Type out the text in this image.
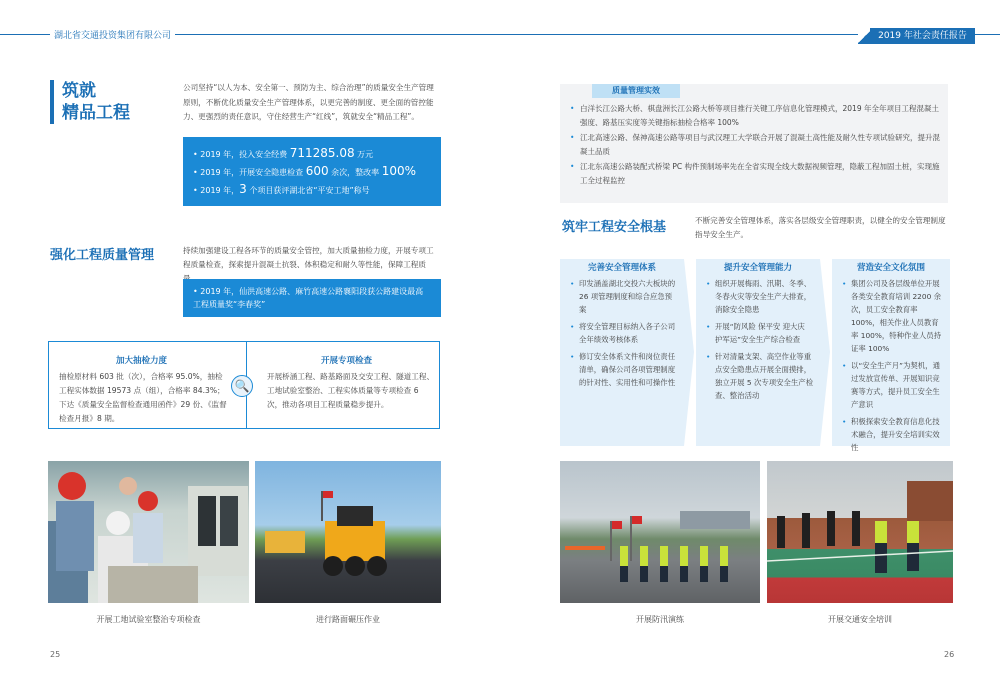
湖北省交通投资集团有限公司	2019 年社会责任报告
筑就
精品工程
公司坚持“以人为本、安全第一、预防为主、综合治理”的质量安全生产管理原则，不断优化质量安全生产管理体系，以更完善的制度、更全面的管控能力、更强烈的责任意识，守住经营生产“红线”，筑就安全“精品工程”。
• 2019 年，投入安全经费 711285.08 万元
• 2019 年，开展安全隐患检查 600 余次，整改率 100%
• 2019 年，3 个项目获评湖北省“平安工地”称号
强化工程质量管理	持续加强建设工程各环节的质量安全管控，加大质量抽检力度，开展专项工程质量检查，探索提升混凝土抗裂、体积稳定和耐久等性能，保障工程质
• 2019 年，仙洪高速公路、麻竹高速公路襄阳段获公路建设最高工程质量奖“李春奖”
加大抽检力度
抽检原材料 603 批（次），合格率 95.0%，抽检工程实体数据 19573 点（组），合格率 84.3%；下达《质量安全监督检查通用函件》29 份、《监督检查月报》8 期。
开展专项检查
开展桥涵工程、路基路面及交安工程、隧道工程、工地试验室整治、工程实体质量等专项检查 6 次，推动各项目工程质量稳步提升。
🔍
开展工地试验室整治专项检查	进行路面碾压作业
25
• 白洋长江公路大桥、棋盘洲长江公路大桥等项目推行关键工序信息化管理模式，2019 年全年项目工程混凝土强度、路基压实度等关键指标抽检合格率 100%
• 江北高速公路、保神高速公路等项目与武汉理工大学联合开展了混凝土高性能及耐久性专项试验研究，提升混凝土品质
• 江北东高速公路装配式桥梁 PC 构件预制场率先在全省实现全线大数据视频管理，隐蔽工程加固土桩，实现施工全过程监控
质量管理实效
筑牢工程安全根基	不断完善安全管理体系，落实各层级安全管理职责，以健全的安全管理制度指导安全生产。
完善安全管理体系
• 印发涵盖湖北交投六大板块的 26 项管理制度和综合应急预案
• 将安全管理目标纳入各子公司全年绩效考核体系
• 修订安全体系文件和岗位责任清单，确保公司各项管理制度的针对性、实用性和可操作性
提升安全管理能力
• 组织开展梅雨、汛期、冬季、冬春火灾等安全生产大排查，消除安全隐患
• 开展“防风险 保平安 迎大庆 护军运”安全生产综合检查
• 针对清量支架、高空作业等重点安全隐患点开展全面摸排，独立开展 5 次专项安全生产检查、整治活动
营造安全文化氛围
• 集团公司及各层级单位开展各类安全教育培训 2200 余次，员工安全教育率 100%，相关作业人员教育率 100%，特种作业人员持证率 100%
• 以“安全生产月”为契机，通过发放宣传单、开展知识竞赛等方式，提升员工安全生产意识
• 积极探索安全教育信息化技术融合，提升安全培训实效性
开展防汛演练	开展交通安全培训
26
